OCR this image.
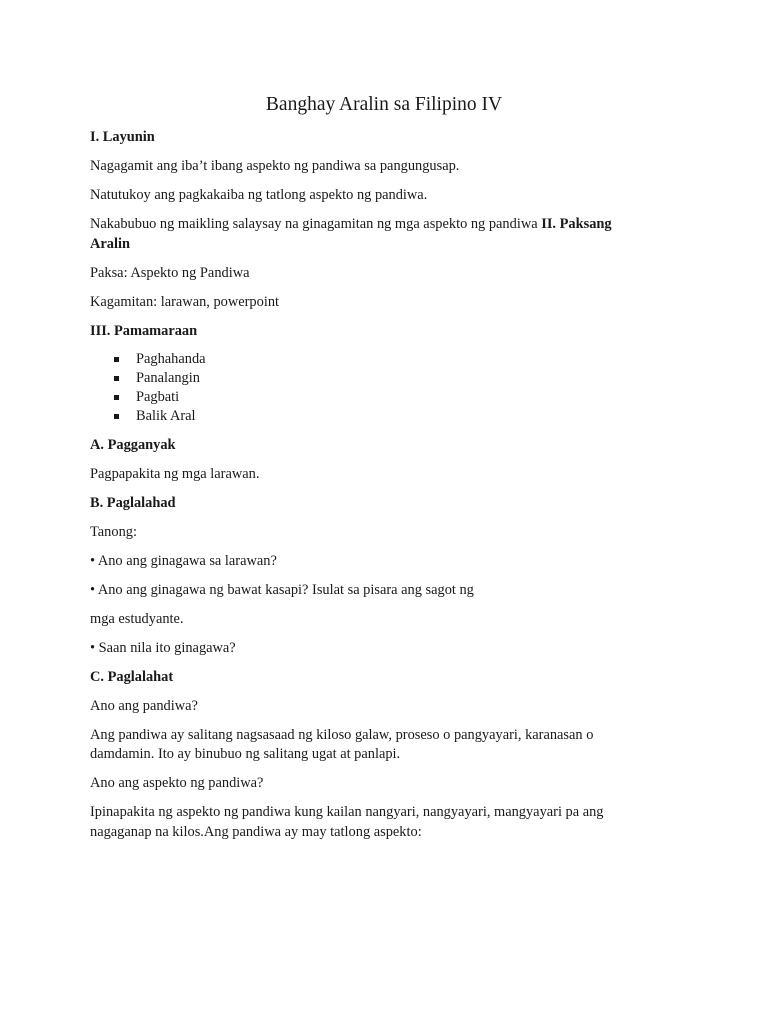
Banghay Aralin sa Filipino IV

I. Layunin

Nagagamit ang iba’t ibang aspekto ng pandiwa sa pangungusap.

Natutukoy ang pagkakaiba ng tatlong aspekto ng pandiwa.

Nakabubuo ng maikling salaysay na ginagamitan ng mga aspekto ng pandiwa II. Paksang Aralin

Paksa: Aspekto ng Pandiwa

Kagamitan: larawan, powerpoint

III. Pamamaraan

Paghahanda
Panalangin
Pagbati
Balik Aral

A. Pagganyak

Pagpapakita ng mga larawan.

B. Paglalahad

Tanong:

• Ano ang ginagawa sa larawan?

• Ano ang ginagawa ng bawat kasapi? Isulat sa pisara ang sagot ng

mga estudyante.

• Saan nila ito ginagawa?

C. Paglalahat

Ano ang pandiwa?

Ang pandiwa ay salitang nagsasaad ng kiloso galaw, proseso o pangyayari, karanasan o damdamin. Ito ay binubuo ng salitang ugat at panlapi.

Ano ang aspekto ng pandiwa?

Ipinapakita ng aspekto ng pandiwa kung kailan nangyari, nangyayari, mangyayari pa ang nagaganap na kilos.Ang pandiwa ay may tatlong aspekto:
